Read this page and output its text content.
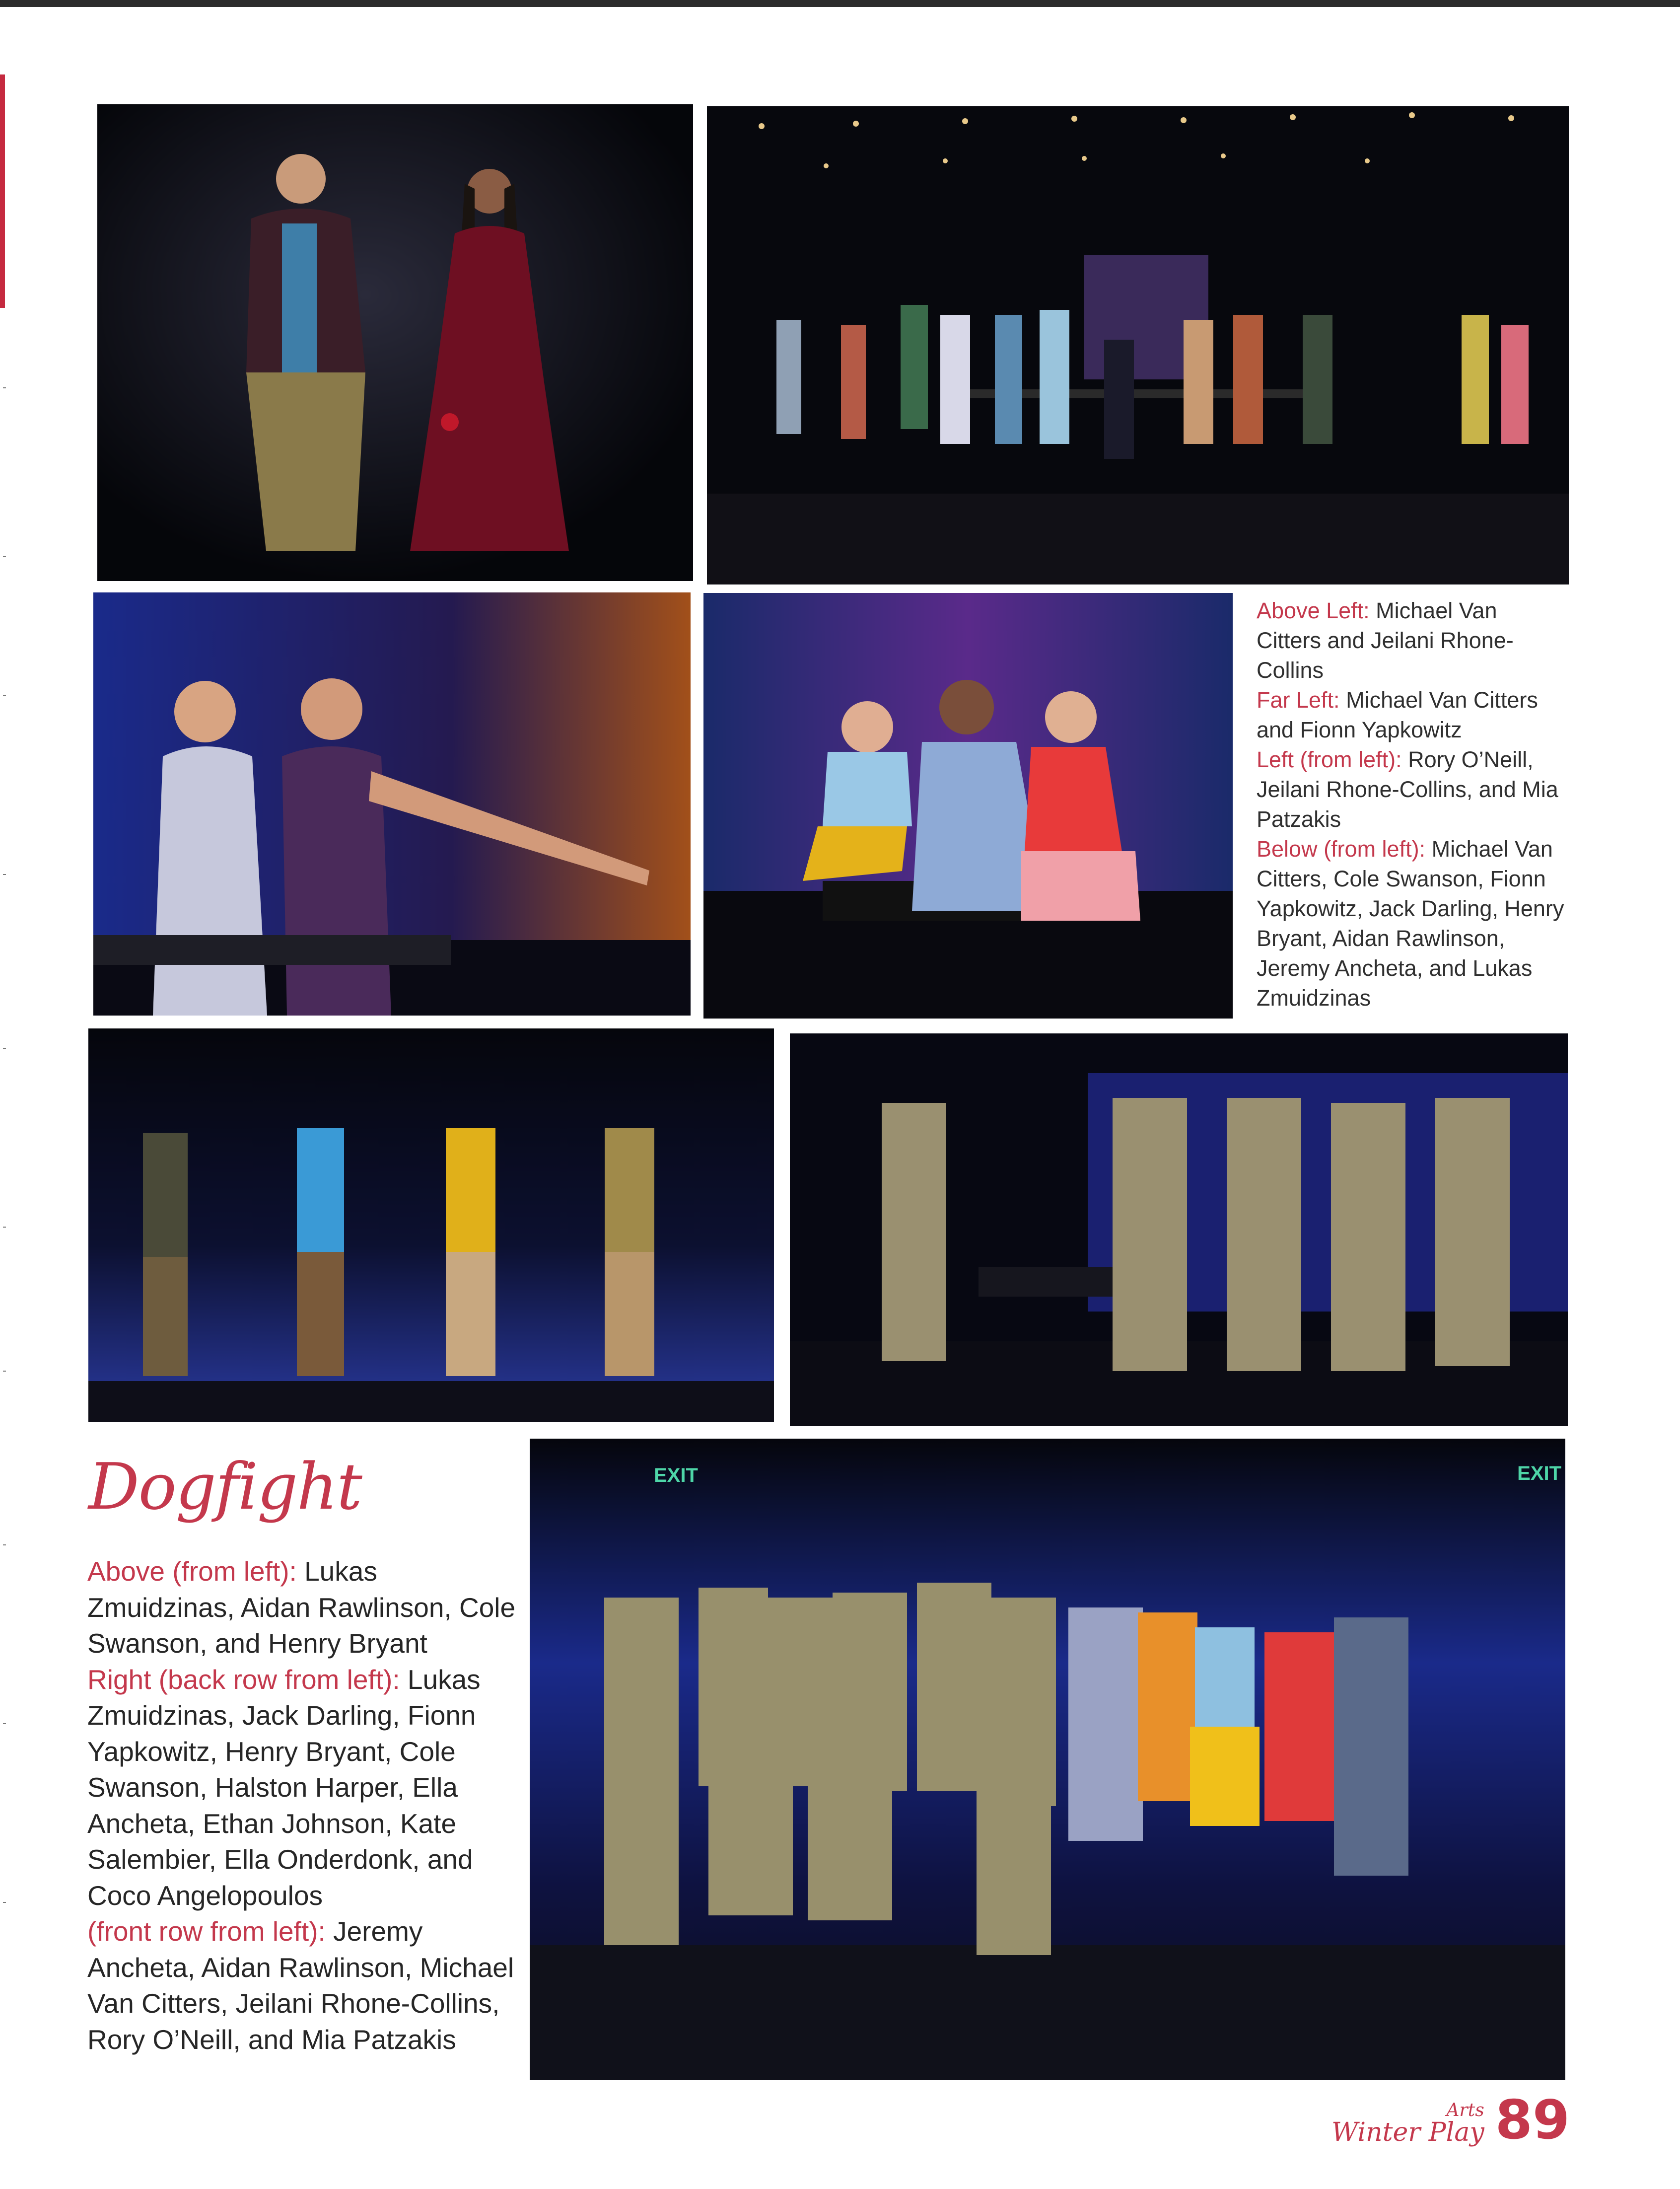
EXIT	EXIT
Above Left: Michael Van Citters and Jeilani Rhone-Collins
Far Left: Michael Van Citters and Fionn Yapkowitz
Left (from left): Rory O’Neill, Jeilani Rhone-Collins, and Mia Patzakis
Below (from left): Michael Van Citters, Cole Swanson, Fionn Yapkowitz, Jack Darling, Henry Bryant, Aidan Rawlinson, Jeremy Ancheta, and Lukas Zmuidzinas
Dogfight
Above (from left): Lukas Zmuidzinas, Aidan Rawlinson, Cole Swanson, and Henry Bryant
Right (back row from left): Lukas Zmuidzinas, Jack Darling, Fionn Yapkowitz, Henry Bryant, Cole Swanson, Halston Harper, Ella Ancheta, Ethan Johnson, Kate Salembier, Ella Onderdonk, and Coco Angelopoulos
(front row from left): Jeremy Ancheta, Aidan Rawlinson, Michael Van Citters, Jeilani Rhone-Collins, Rory O’Neill, and Mia Patzakis
Arts
Winter Play 89
